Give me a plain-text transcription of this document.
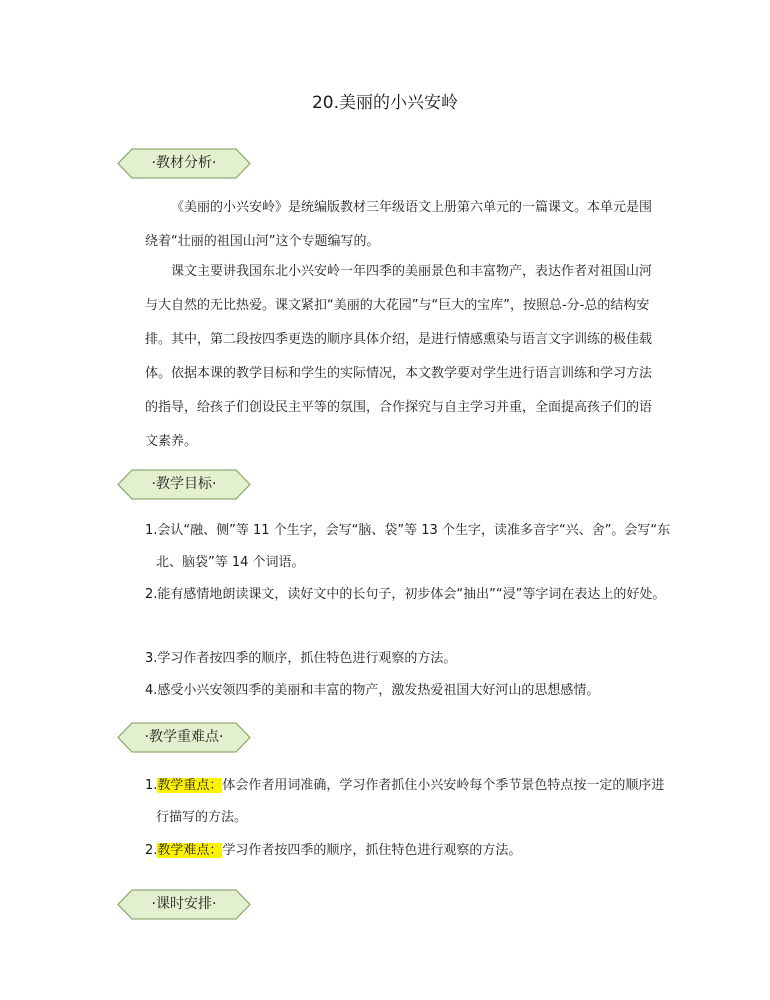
20.美丽的小兴安岭
·教材分析·

《美丽的小兴安岭》是统编版教材三年级语文上册第六单元的一篇课文。本单元是围绕着“壮丽的祖国山河”这个专题编写的。

课文主要讲我国东北小兴安岭一年四季的美丽景色和丰富物产，表达作者对祖国山河与大自然的无比热爱。课文紧扣“美丽的大花园”与“巨大的宝库”，按照总-分-总的结构安排。其中，第二段按四季更迭的顺序具体介绍，是进行情感熏染与语言文字训练的极佳载体。依据本课的教学目标和学生的实际情况，本文教学要对学生进行语言训练和学习方法的指导，给孩子们创设民主平等的氛围，合作探究与自主学习并重，全面提高孩子们的语文素养。

·教学目标·

1.会认“融、侧”等 11 个生字，会写“脑、袋”等 13 个生字，读准多音字“兴、舍”。会写“东北、脑袋”等 14 个词语。

2.能有感情地朗读课文，读好文中的长句子，初步体会“抽出”“浸”等字词在表达上的好处。

3.学习作者按四季的顺序，抓住特色进行观察的方法。

4.感受小兴安领四季的美丽和丰富的物产，激发热爱祖国大好河山的思想感情。

·教学重难点·

1.教学重点：体会作者用词准确，学习作者抓住小兴安岭每个季节景色特点按一定的顺序进行描写的方法。

2.教学难点：学习作者按四季的顺序，抓住特色进行观察的方法。

·课时安排·
